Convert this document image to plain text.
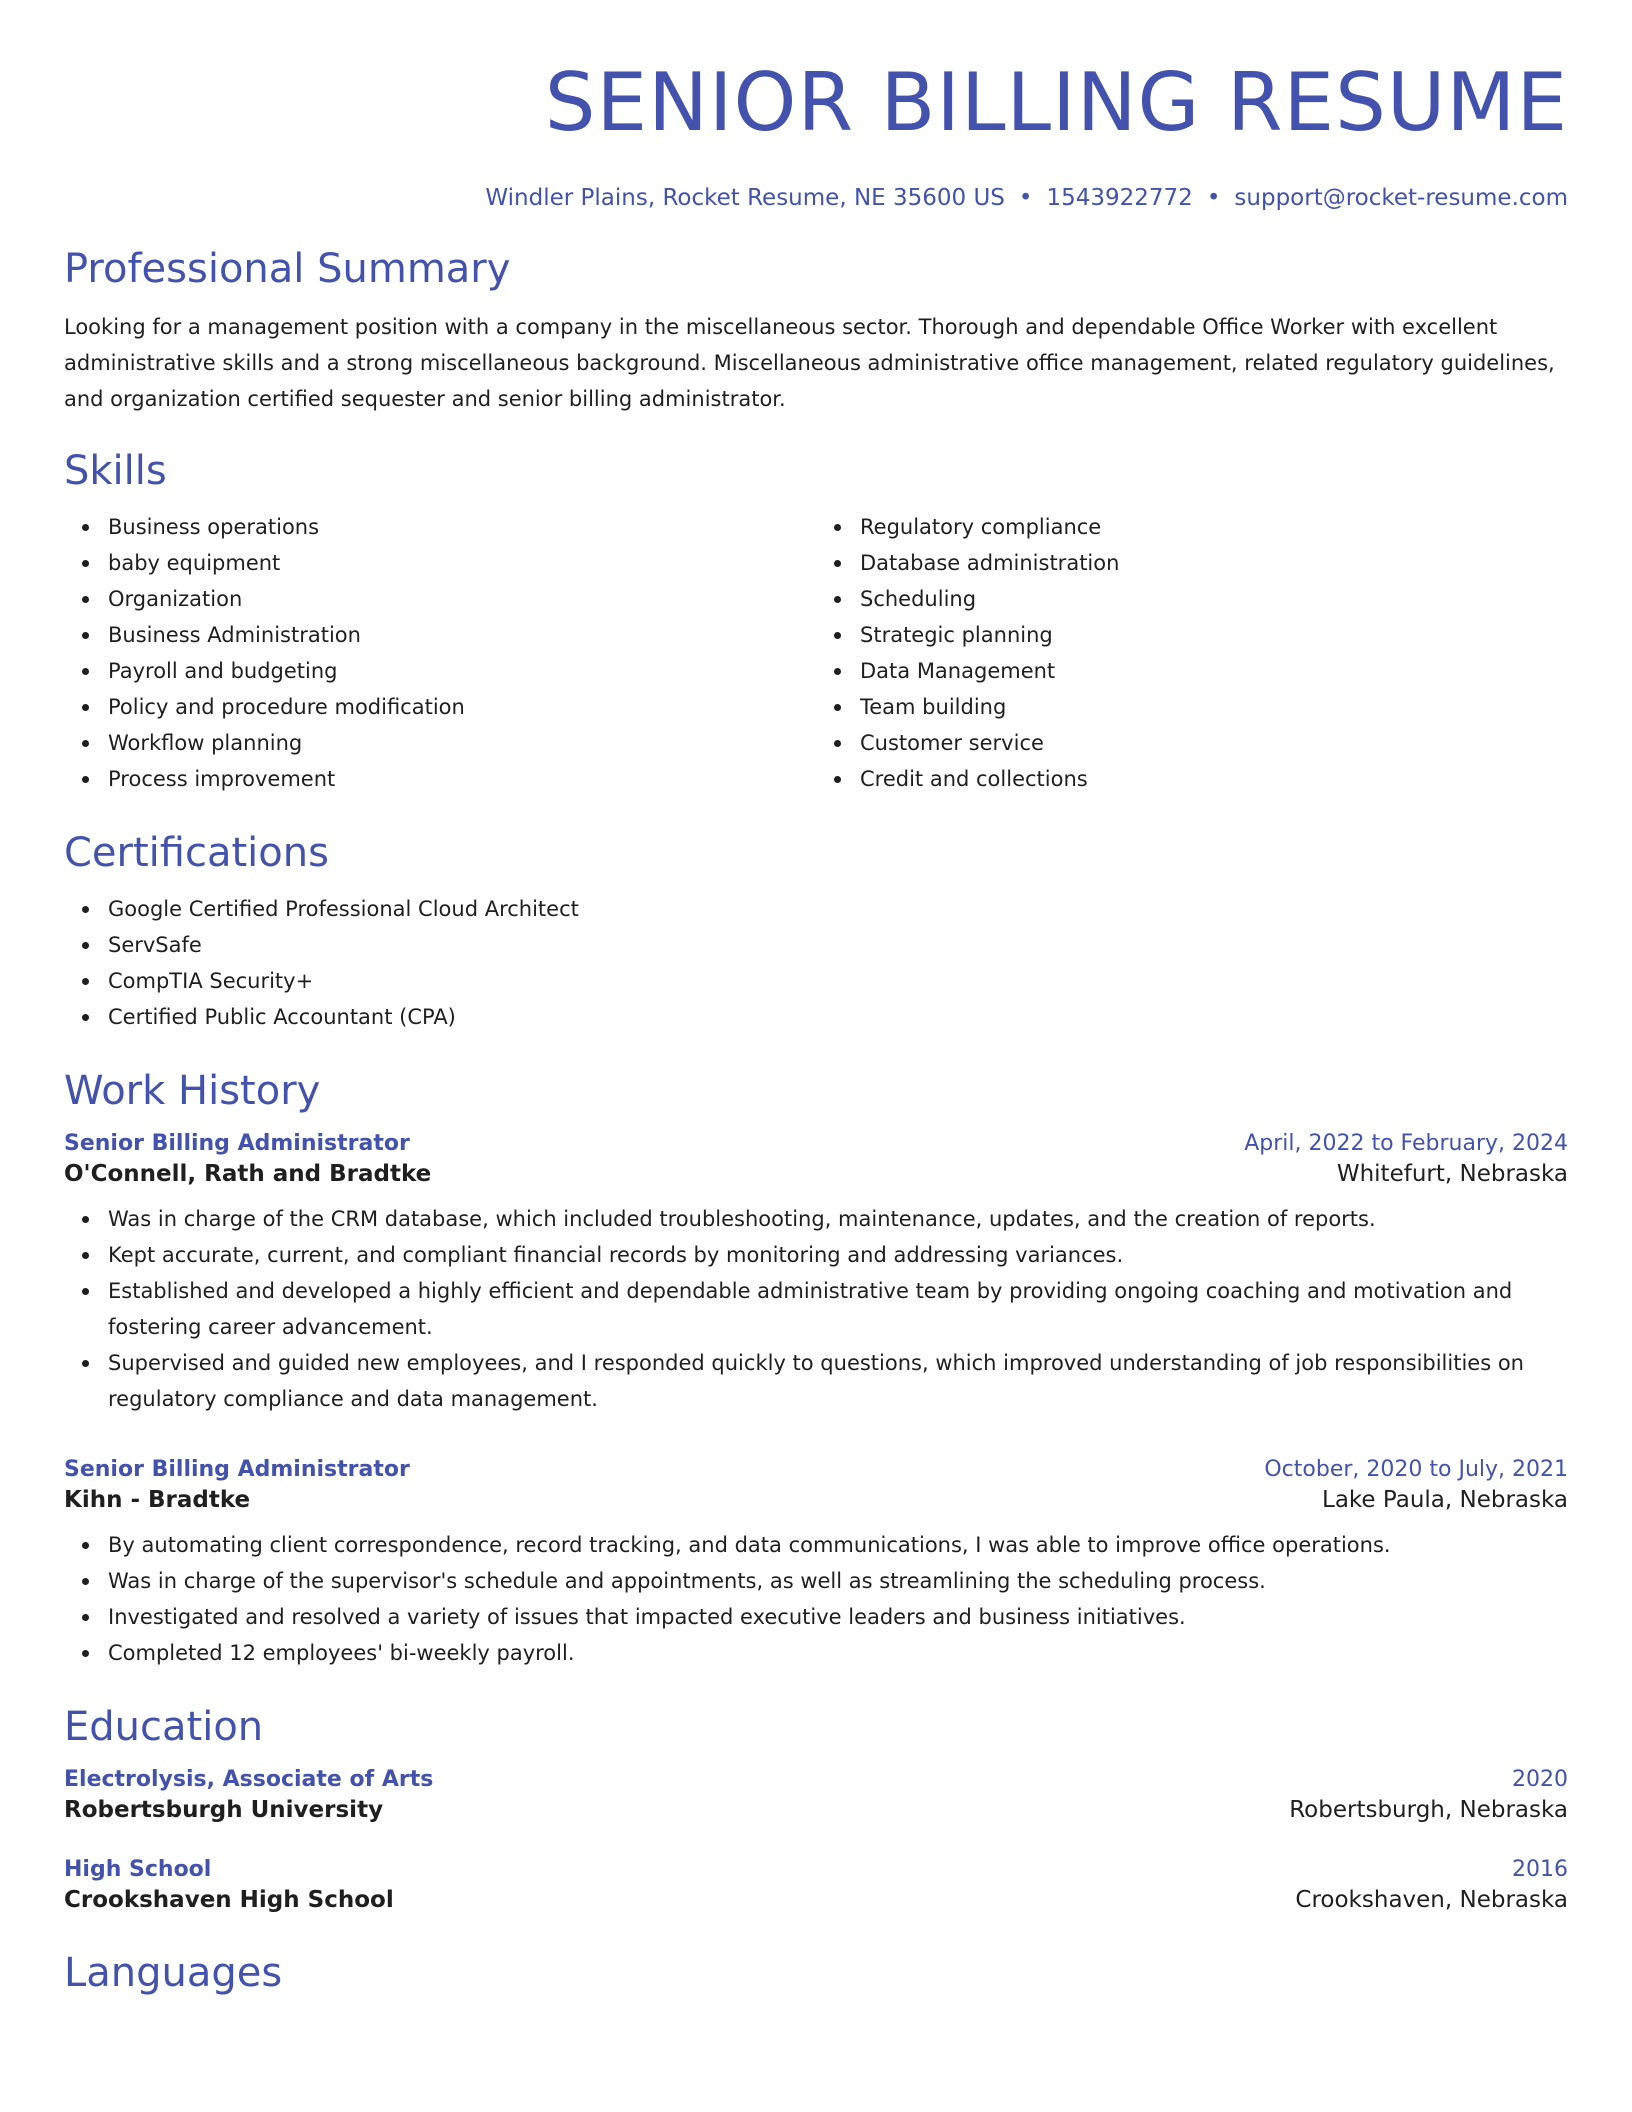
SENIOR BILLING RESUME
Windler Plains, Rocket Resume, NE 35600 US • 1543922772 • support@rocket-resume.com
Professional Summary

Looking for a management position with a company in the miscellaneous sector. Thorough and dependable Office Worker with excellent administrative skills and a strong miscellaneous background. Miscellaneous administrative office management, related regulatory guidelines, and organization certified sequester and senior billing administrator.

Skills
Business operations
baby equipment
Organization
Business Administration
Payroll and budgeting
Policy and procedure modification
Workflow planning
Process improvement
Regulatory compliance
Database administration
Scheduling
Strategic planning
Data Management
Team building
Customer service
Credit and collections
Certifications
Google Certified Professional Cloud Architect
ServSafe
CompTIA Security+
Certified Public Accountant (CPA)
Work History
Senior Billing Administrator	April, 2022 to February, 2024
O'Connell, Rath and Bradtke	Whitefurt, Nebraska
Was in charge of the CRM database, which included troubleshooting, maintenance, updates, and the creation of reports.
Kept accurate, current, and compliant financial records by monitoring and addressing variances.
Established and developed a highly efficient and dependable administrative team by providing ongoing coaching and motivation and fostering career advancement.
Supervised and guided new employees, and I responded quickly to questions, which improved understanding of job responsibilities on regulatory compliance and data management.
Senior Billing Administrator	October, 2020 to July, 2021
Kihn - Bradtke	Lake Paula, Nebraska
By automating client correspondence, record tracking, and data communications, I was able to improve office operations.
Was in charge of the supervisor's schedule and appointments, as well as streamlining the scheduling process.
Investigated and resolved a variety of issues that impacted executive leaders and business initiatives.
Completed 12 employees' bi-weekly payroll.
Education
Electrolysis, Associate of Arts	2020
Robertsburgh University	Robertsburgh, Nebraska
High School	2016
Crookshaven High School	Crookshaven, Nebraska
Languages
